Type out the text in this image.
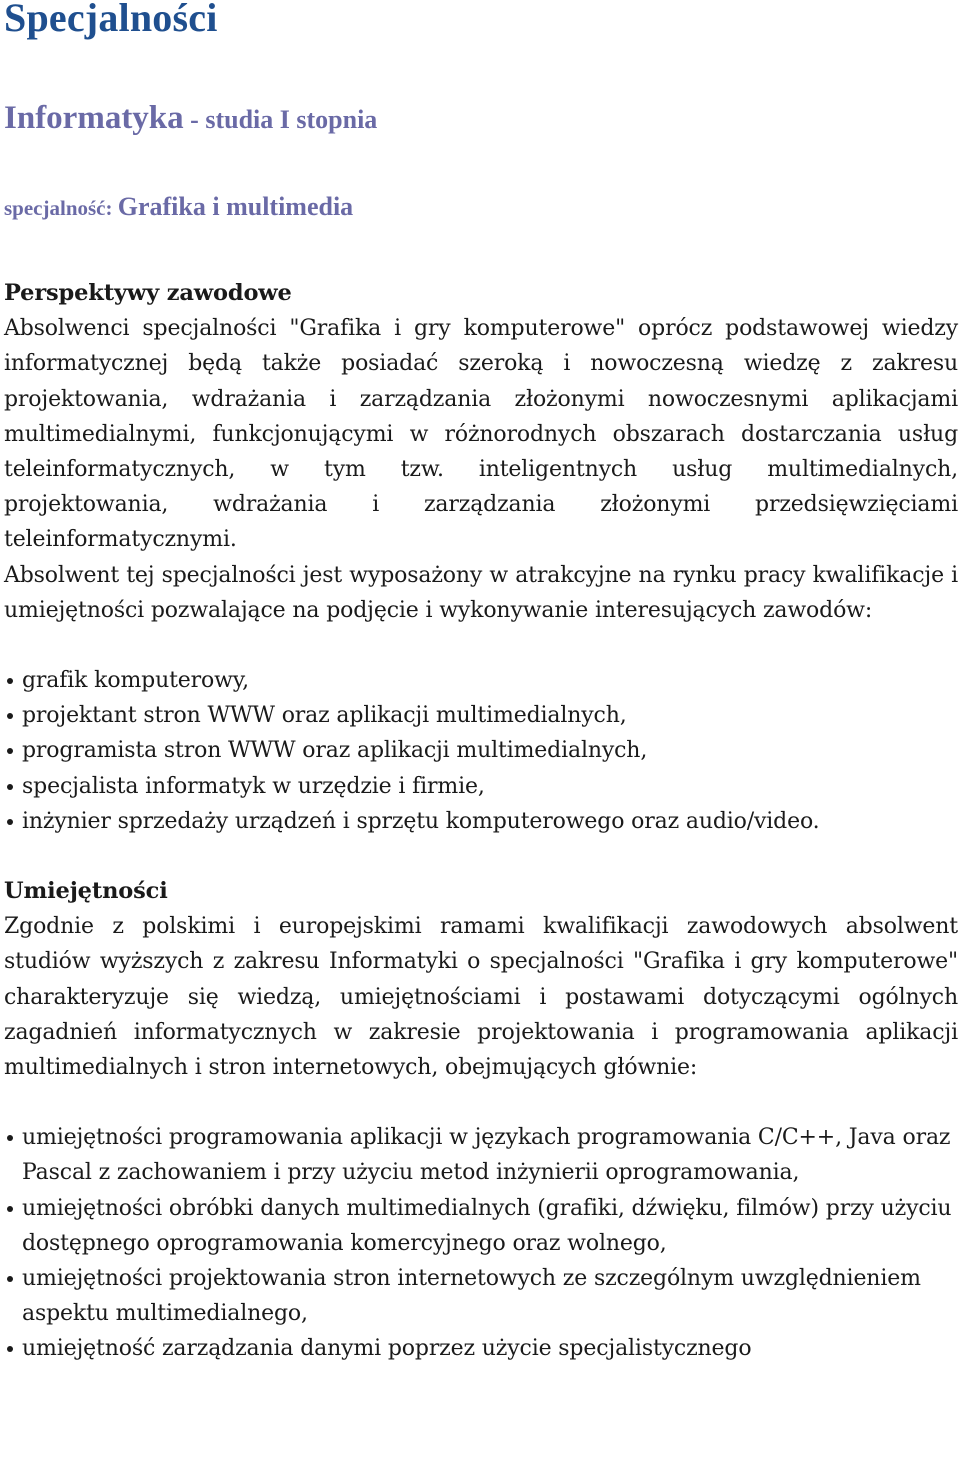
Specjalności
Informatyka - studia I stopnia
specjalność: Grafika i multimedia
Perspektywy zawodowe

Absolwenci specjalności "Grafika i gry komputerowe" oprócz podstawowej wiedzy informatycznej będą także posiadać szeroką i nowoczesną wiedzę z zakresu projektowania, wdrażania i zarządzania złożonymi nowoczesnymi aplikacjami multimedialnymi, funkcjonującymi w różnorodnych obszarach dostarczania usług teleinformatycznych, w tym tzw. inteligentnych usług multimedialnych, projektowania, wdrażania i zarządzania złożonymi przedsięwzięciami teleinformatycznymi.

Absolwent tej specjalności jest wyposażony w atrakcyjne na rynku pracy kwalifikacje i umiejętności pozwalające na podjęcie i wykonywanie interesujących zawodów:

grafik komputerowy,
projektant stron WWW oraz aplikacji multimedialnych,
programista stron WWW oraz aplikacji multimedialnych,
specjalista informatyk w urzędzie i firmie,
inżynier sprzedaży urządzeń i sprzętu komputerowego oraz audio/video.
Umiejętności

Zgodnie z polskimi i europejskimi ramami kwalifikacji zawodowych absolwent studiów wyższych z zakresu Informatyki o specjalności "Grafika i gry komputerowe" charakteryzuje się wiedzą, umiejętnościami i postawami dotyczącymi ogólnych zagadnień informatycznych w zakresie projektowania i programowania aplikacji multimedialnych i stron internetowych, obejmujących głównie:

umiejętności programowania aplikacji w językach programowania C/C++, Java oraz Pascal z zachowaniem i przy użyciu metod inżynierii oprogramowania,
umiejętności obróbki danych multimedialnych (grafiki, dźwięku, filmów) przy użyciu dostępnego oprogramowania komercyjnego oraz wolnego,
umiejętności projektowania stron internetowych ze szczególnym uwzględnieniem aspektu multimedialnego,
umiejętność zarządzania danymi poprzez użycie specjalistycznego
